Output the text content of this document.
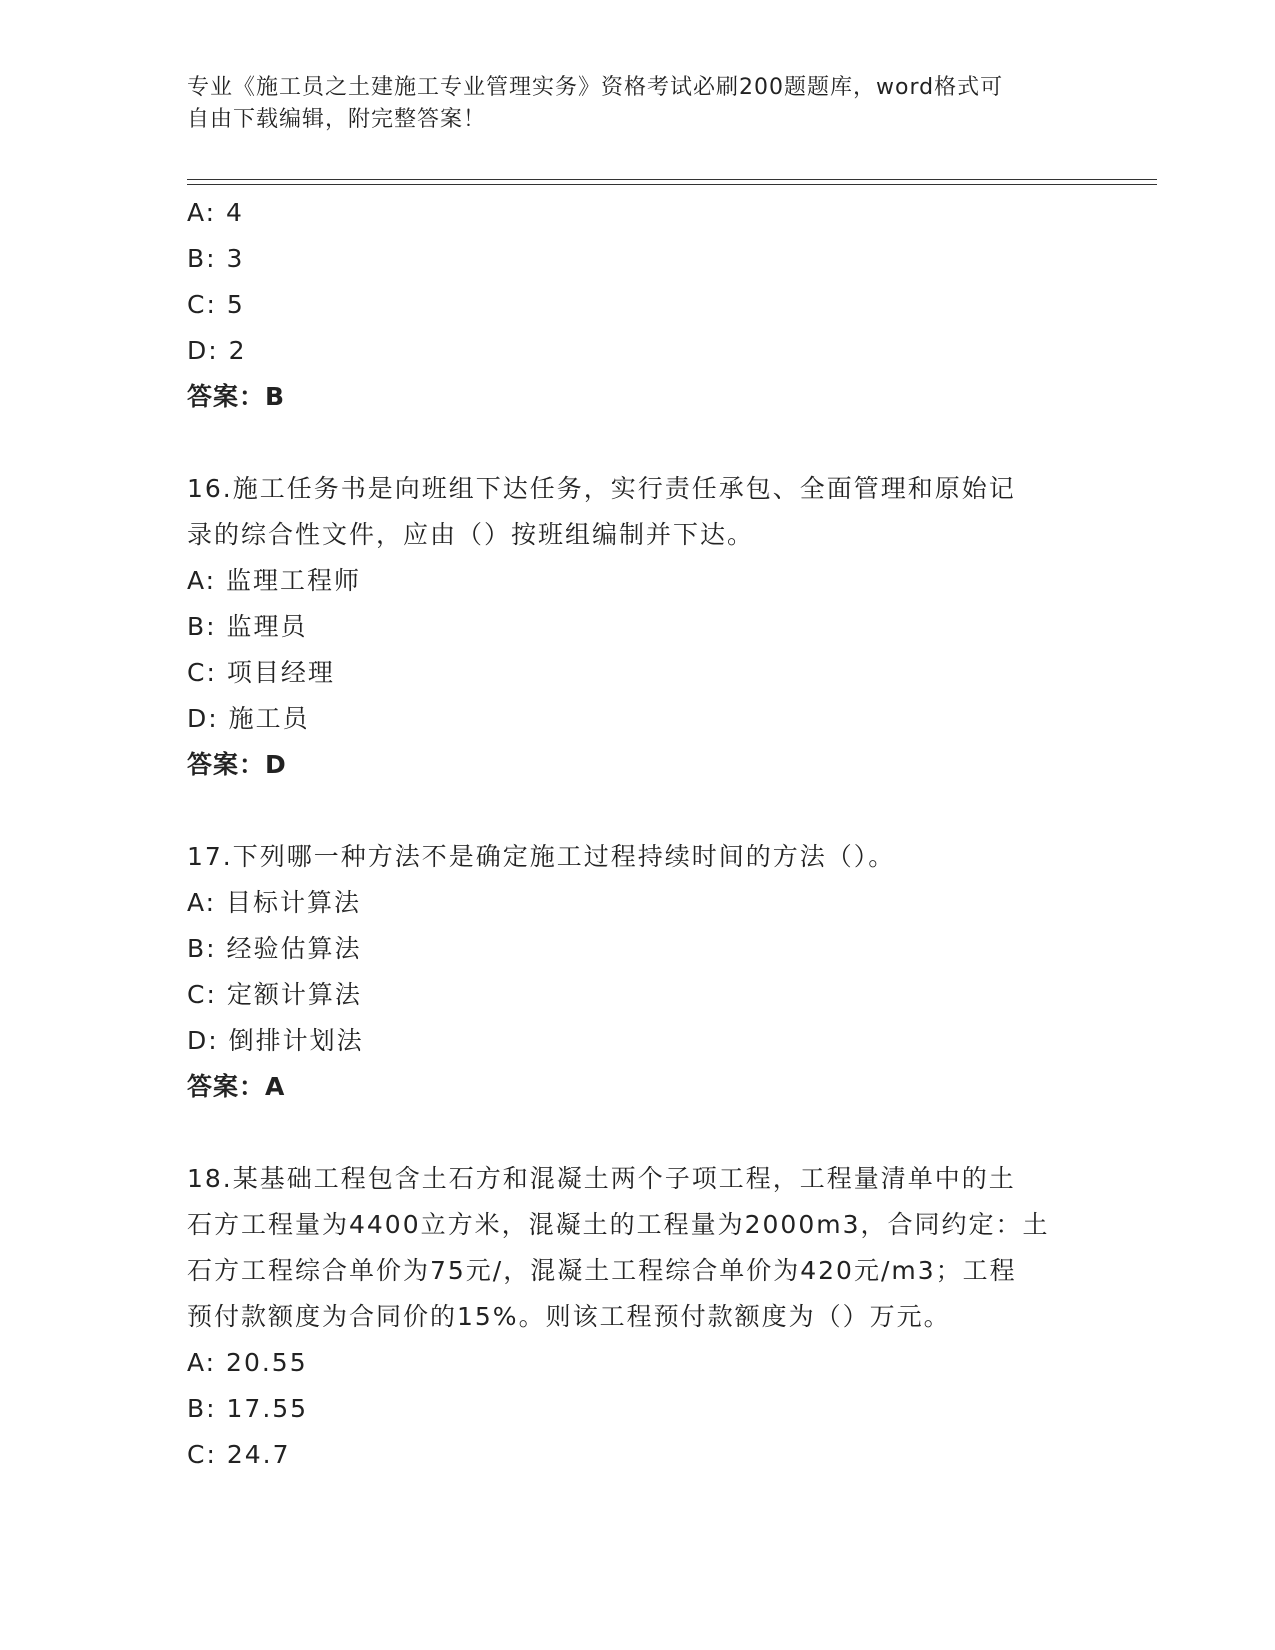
专业《施工员之土建施工专业管理实务》资格考试必刷200题题库，word格式可
自由下载编辑，附完整答案！
A: 4
B: 3
C: 5
D: 2
答案：B
16.施工任务书是向班组下达任务，实行责任承包、全面管理和原始记
录的综合性文件，应由（）按班组编制并下达。
A: 监理工程师
B: 监理员
C: 项目经理
D: 施工员
答案：D
17.下列哪一种方法不是确定施工过程持续时间的方法（）。
A: 目标计算法
B: 经验估算法
C: 定额计算法
D: 倒排计划法
答案：A
18.某基础工程包含土石方和混凝土两个子项工程，工程量清单中的土
石方工程量为4400立方米，混凝土的工程量为2000m3，合同约定：土
石方工程综合单价为75元/，混凝土工程综合单价为420元/m3；工程
预付款额度为合同价的15%。则该工程预付款额度为（）万元。
A: 20.55
B: 17.55
C: 24.7
